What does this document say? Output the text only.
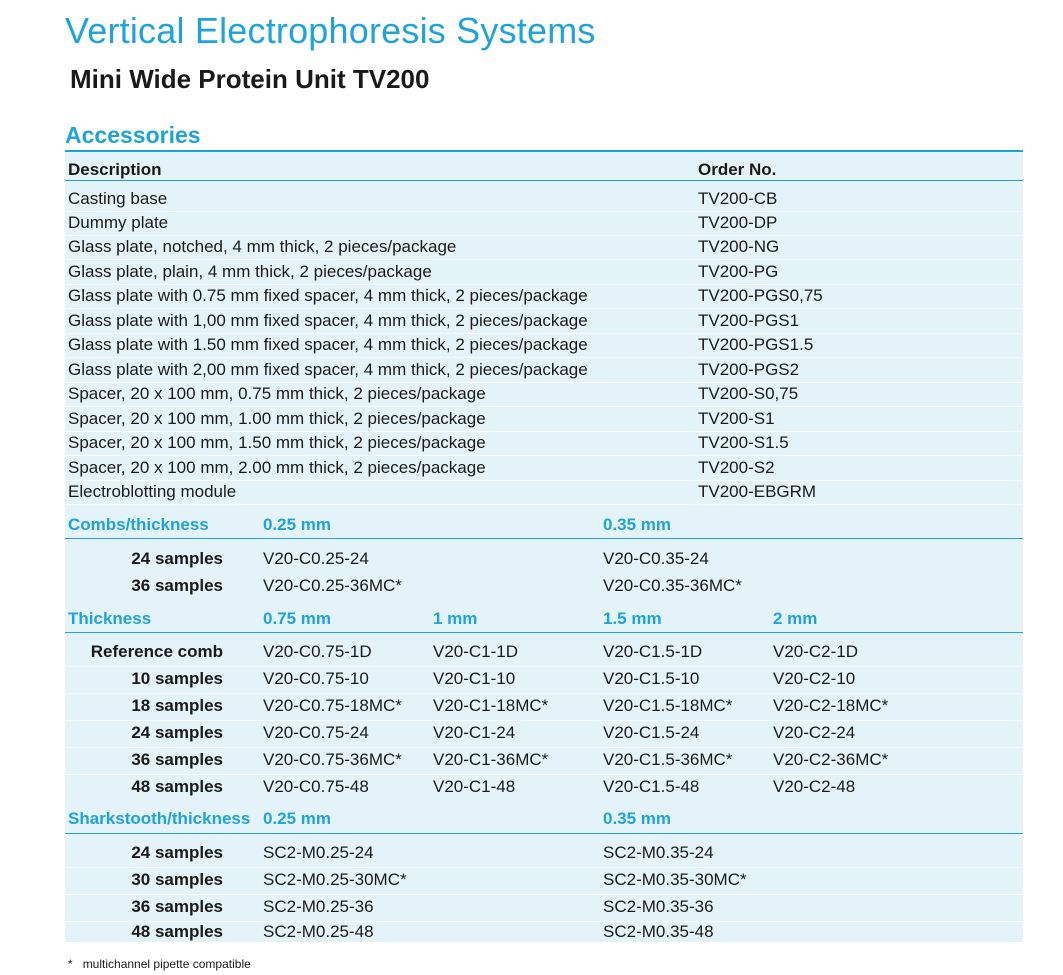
Vertical Electrophoresis Systems
Mini Wide Protein Unit TV200
Accessories
Description	Order No.
Casting base	TV200-CB
Dummy plate	TV200-DP
Glass plate, notched, 4 mm thick, 2 pieces/package	TV200-NG
Glass plate, plain, 4 mm thick, 2 pieces/package	TV200-PG
Glass plate with 0.75 mm fixed spacer, 4 mm thick, 2 pieces/package	TV200-PGS0,75
Glass plate with 1,00 mm fixed spacer, 4 mm thick, 2 pieces/package	TV200-PGS1
Glass plate with 1.50 mm fixed spacer, 4 mm thick, 2 pieces/package	TV200-PGS1.5
Glass plate with 2,00 mm fixed spacer, 4 mm thick, 2 pieces/package	TV200-PGS2
Spacer, 20 x 100 mm, 0.75 mm thick, 2 pieces/package	TV200-S0,75
Spacer, 20 x 100 mm, 1.00 mm thick, 2 pieces/package	TV200-S1
Spacer, 20 x 100 mm, 1.50 mm thick, 2 pieces/package	TV200-S1.5
Spacer, 20 x 100 mm, 2.00 mm thick, 2 pieces/package	TV200-S2
Electroblotting module	TV200-EBGRM
Combs/thickness	0.25 mm	0.35 mm
24 samples V20-C0.25-24	V20-C0.35-24
36 samples V20-C0.25-36MC*	V20-C0.35-36MC*
Thickness	0.75 mm	1 mm	1.5 mm	2 mm
Reference comb V20-C0.75-1D	V20-C1-1D	V20-C1.5-1D	V20-C2-1D
10 samples V20-C0.75-10	V20-C1-10	V20-C1.5-10	V20-C2-10
18 samples V20-C0.75-18MC* V20-C1-18MC*	V20-C1.5-18MC* V20-C2-18MC*
24 samples V20-C0.75-24	V20-C1-24	V20-C1.5-24	V20-C2-24
36 samples V20-C0.75-36MC* V20-C1-36MC*	V20-C1.5-36MC* V20-C2-36MC*
48 samples V20-C0.75-48	V20-C1-48	V20-C1.5-48	V20-C2-48
Sharkstooth/thickness 0.25 mm	0.35 mm
24 samples SC2-M0.25-24	SC2-M0.35-24
30 samples SC2-M0.25-30MC*	SC2-M0.35-30MC*
36 samples SC2-M0.25-36	SC2-M0.35-36
48 samples SC2-M0.25-48	SC2-M0.35-48
* multichannel pipette compatible
